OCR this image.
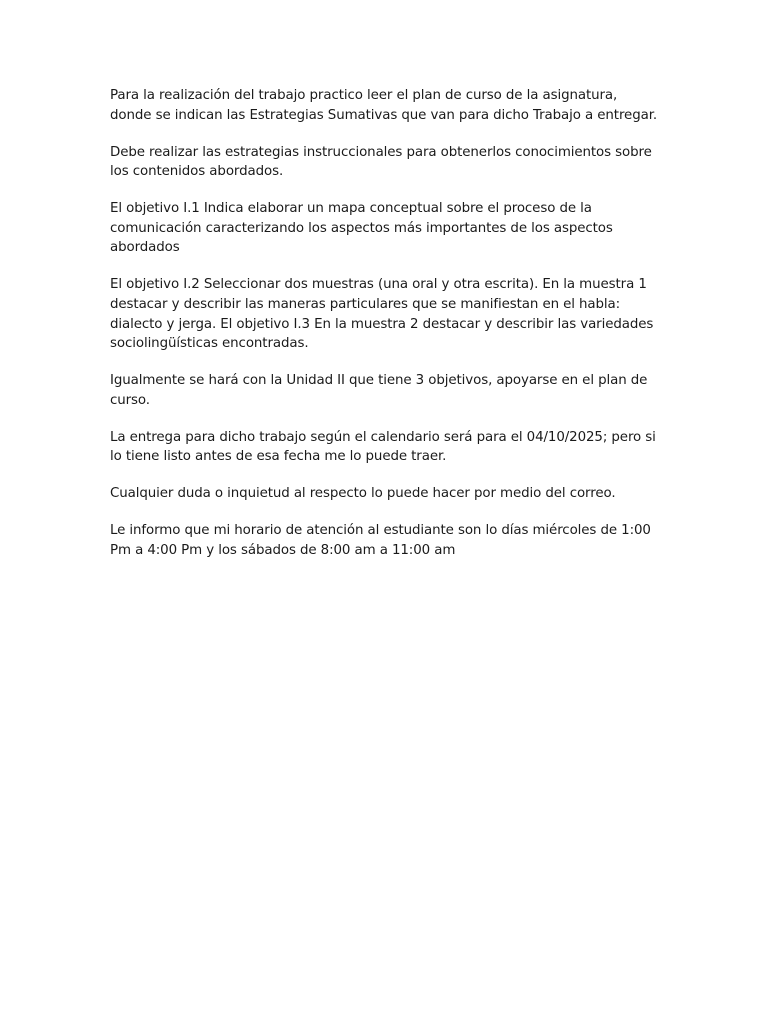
Para la realización del trabajo practico leer el plan de curso de la asignatura, donde se indican las Estrategias Sumativas que van para dicho Trabajo a entregar.

Debe realizar las estrategias instruccionales para obtenerlos conocimientos sobre los contenidos abordados.

El objetivo I.1 Indica elaborar un mapa conceptual sobre el proceso de la comunicación caracterizando los aspectos más importantes de los aspectos abordados

El objetivo I.2 Seleccionar dos muestras (una oral y otra escrita). En la muestra 1 destacar y describir las maneras particulares que se manifiestan en el habla: dialecto y jerga. El objetivo I.3 En la muestra 2 destacar y describir las variedades sociolingüísticas encontradas.

Igualmente se hará con la Unidad II que tiene 3 objetivos, apoyarse en el plan de curso.

La entrega para dicho trabajo según el calendario será para el 04/10/2025; pero si lo tiene listo antes de esa fecha me lo puede traer.

Cualquier duda o inquietud al respecto lo puede hacer por medio del correo.

Le informo que mi horario de atención al estudiante son lo días miércoles de 1:00 Pm a 4:00 Pm y los sábados de 8:00 am a 11:00 am
